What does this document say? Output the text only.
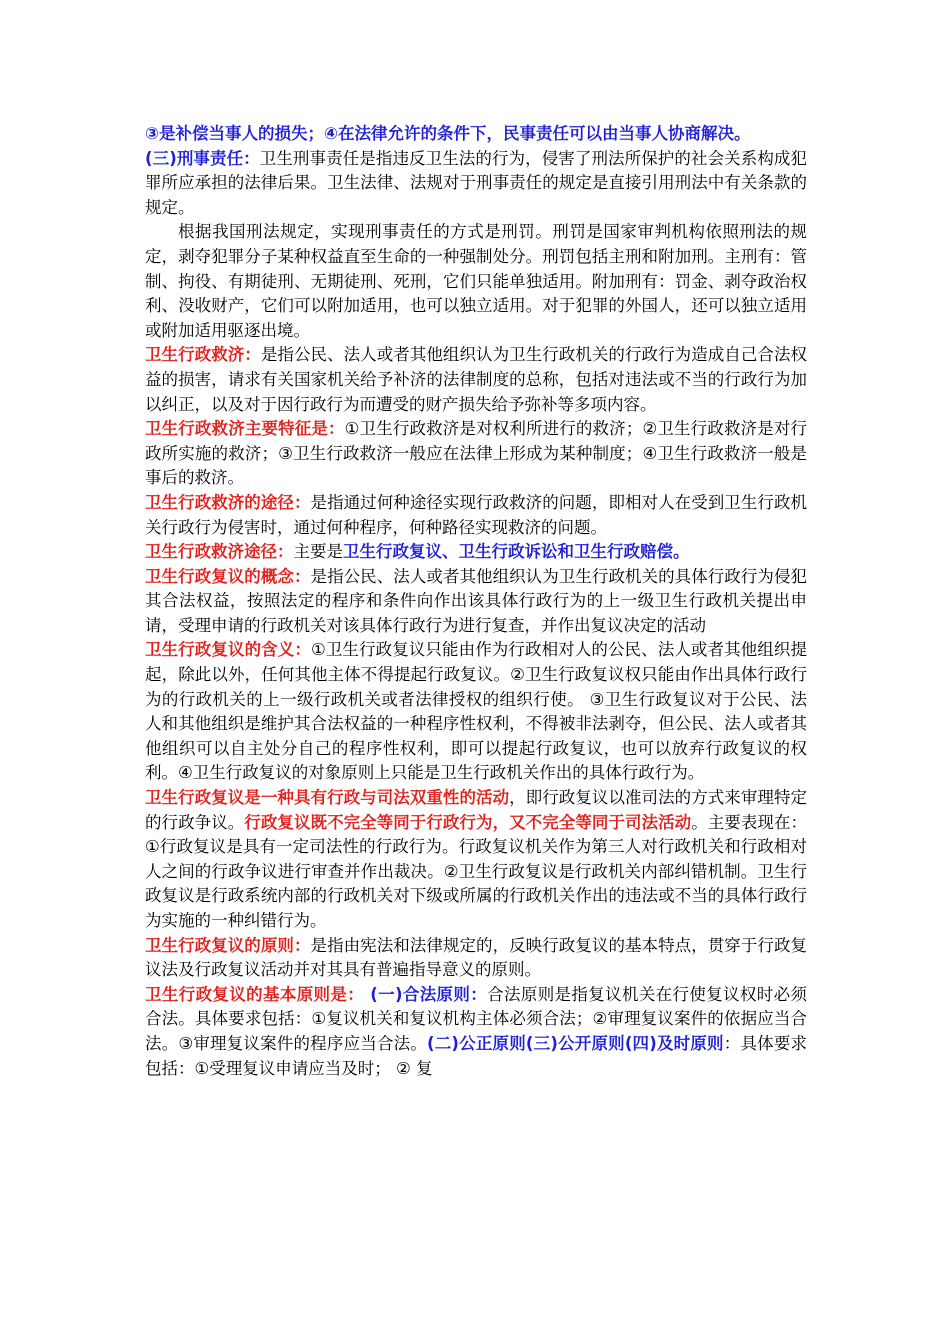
③是补偿当事人的损失；④在法律允许的条件下，民事责任可以由当事人协商解决。

(三)刑事责任：卫生刑事责任是指违反卫生法的行为，侵害了刑法所保护的社会关系构成犯罪所应承担的法律后果。卫生法律、法规对于刑事责任的规定是直接引用刑法中有关条款的规定。

根据我国刑法规定，实现刑事责任的方式是刑罚。刑罚是国家审判机构依照刑法的规定，剥夺犯罪分子某种权益直至生命的一种强制处分。刑罚包括主刑和附加刑。主刑有：管制、拘役、有期徒刑、无期徒刑、死刑，它们只能单独适用。附加刑有：罚金、剥夺政治权利、没收财产，它们可以附加适用，也可以独立适用。对于犯罪的外国人，还可以独立适用或附加适用驱逐出境。

卫生行政救济：是指公民、法人或者其他组织认为卫生行政机关的行政行为造成自己合法权益的损害，请求有关国家机关给予补济的法律制度的总称，包括对违法或不当的行政行为加以纠正，以及对于因行政行为而遭受的财产损失给予弥补等多项内容。

卫生行政救济主要特征是：①卫生行政救济是对权利所进行的救济；②卫生行政救济是对行政所实施的救济；③卫生行政救济一般应在法律上形成为某种制度；④卫生行政救济一般是事后的救济。

卫生行政救济的途径：是指通过何种途径实现行政救济的问题，即相对人在受到卫生行政机关行政行为侵害时，通过何种程序，何种路径实现救济的问题。

卫生行政救济途径：主要是卫生行政复议、卫生行政诉讼和卫生行政赔偿。

卫生行政复议的概念：是指公民、法人或者其他组织认为卫生行政机关的具体行政行为侵犯其合法权益，按照法定的程序和条件向作出该具体行政行为的上一级卫生行政机关提出申请，受理申请的行政机关对该具体行政行为进行复查，并作出复议决定的活动

卫生行政复议的含义：①卫生行政复议只能由作为行政相对人的公民、法人或者其他组织提起，除此以外，任何其他主体不得提起行政复议。②卫生行政复议权只能由作出具体行政行为的行政机关的上一级行政机关或者法律授权的组织行使。 ③卫生行政复议对于公民、法人和其他组织是维护其合法权益的一种程序性权利，不得被非法剥夺，但公民、法人或者其他组织可以自主处分自己的程序性权利，即可以提起行政复议，也可以放弃行政复议的权利。④卫生行政复议的对象原则上只能是卫生行政机关作出的具体行政行为。

卫生行政复议是一种具有行政与司法双重性的活动，即行政复议以准司法的方式来审理特定的行政争议。行政复议既不完全等同于行政行为，又不完全等同于司法活动。主要表现在：①行政复议是具有一定司法性的行政行为。行政复议机关作为第三人对行政机关和行政相对人之间的行政争议进行审查并作出裁决。②卫生行政复议是行政机关内部纠错机制。卫生行政复议是行政系统内部的行政机关对下级或所属的行政机关作出的违法或不当的具体行政行为实施的一种纠错行为。

卫生行政复议的原则：是指由宪法和法律规定的，反映行政复议的基本特点，贯穿于行政复议法及行政复议活动并对其具有普遍指导意义的原则。

卫生行政复议的基本原则是： (一)合法原则：合法原则是指复议机关在行使复议权时必须合法。具体要求包括：①复议机关和复议机构主体必须合法；②审理复议案件的依据应当合法。③审理复议案件的程序应当合法。(二)公正原则(三)公开原则(四)及时原则：具体要求包括：①受理复议申请应当及时； ② 复
